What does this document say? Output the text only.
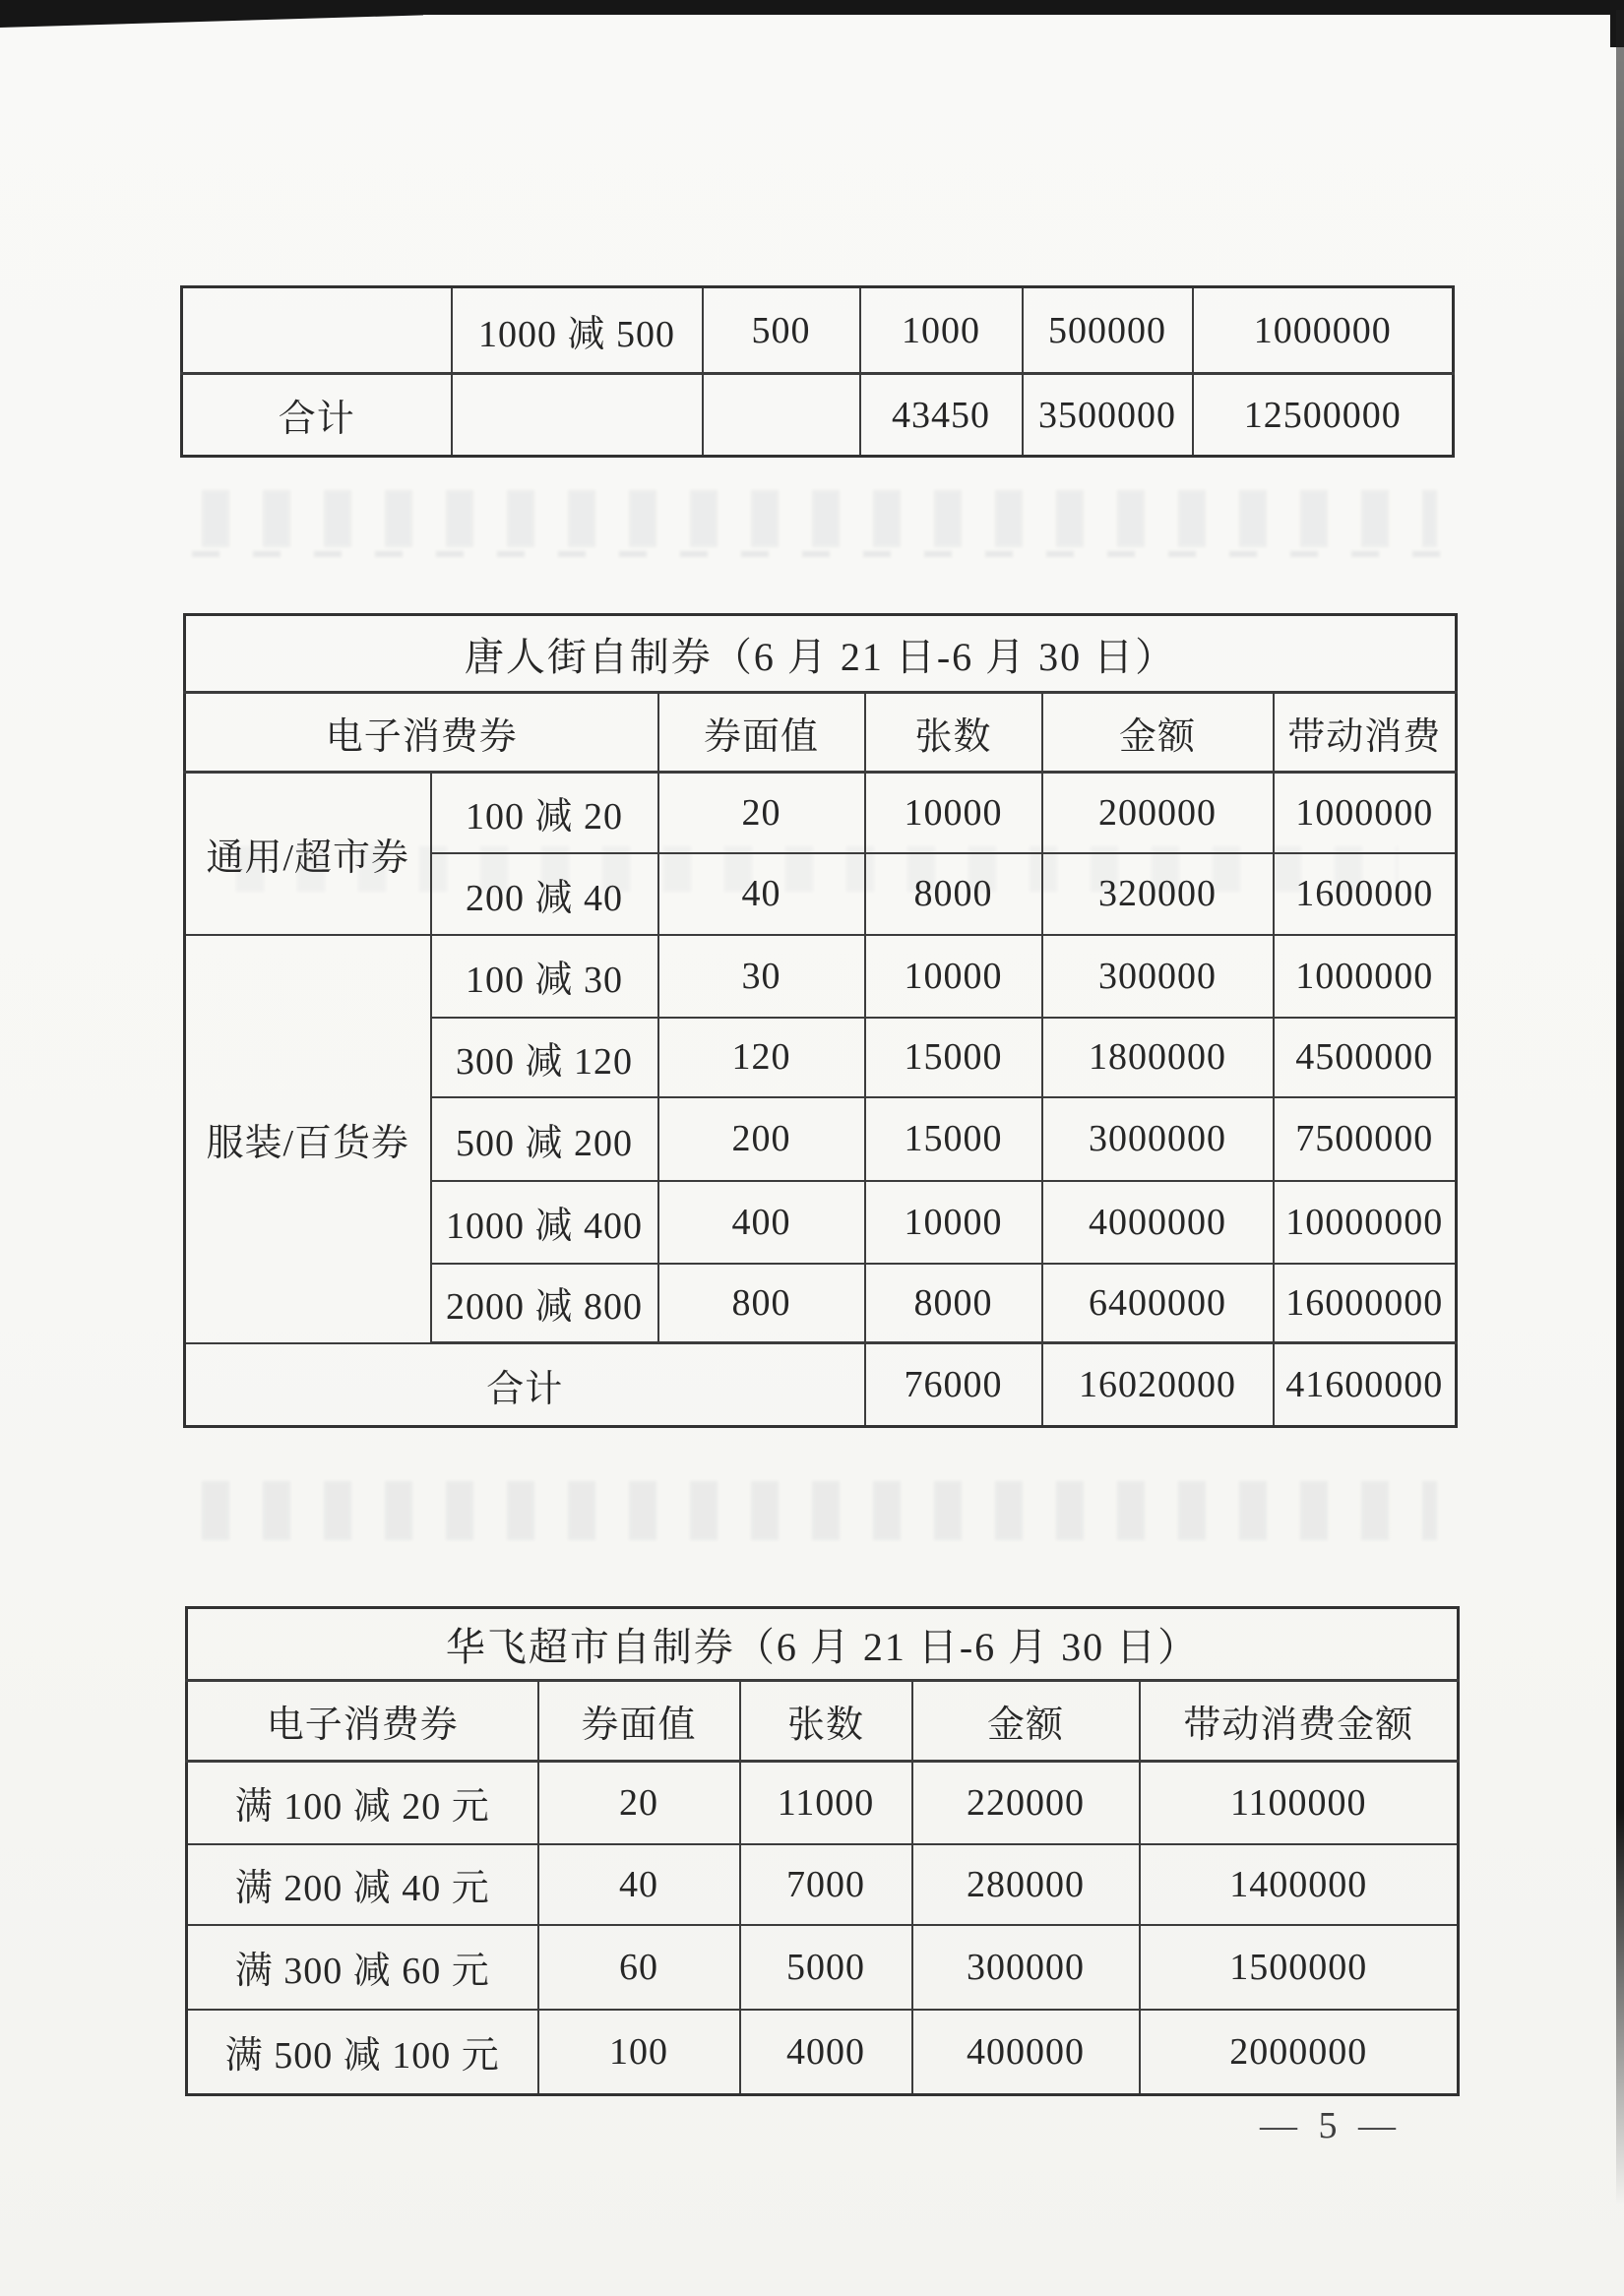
	1000 减 500	500	1000	500000	1000000
合计			43450	3500000	12500000
唐人街自制券（6 月 21 日-6 月 30 日）					
电子消费券		券面值	张数	金额	带动消费
通用/超市券	100 减 20	20	10000	200000	1000000
	200 减 40	40	8000	320000	1600000
服装/百货券	100 减 30	30	10000	300000	1000000
	300 减 120	120	15000	1800000	4500000
	500 减 200	200	15000	3000000	7500000
	1000 减 400	400	10000	4000000	10000000
	2000 减 800	800	8000	6400000	16000000
合计			76000	16020000	41600000
华飞超市自制券（6 月 21 日-6 月 30 日）				
电子消费券	券面值	张数	金额	带动消费金额
满 100 减 20 元	20	11000	220000	1100000
满 200 减 40 元	40	7000	280000	1400000
满 300 减 60 元	60	5000	300000	1500000
满 500 减 100 元	100	4000	400000	2000000
— 5 —
